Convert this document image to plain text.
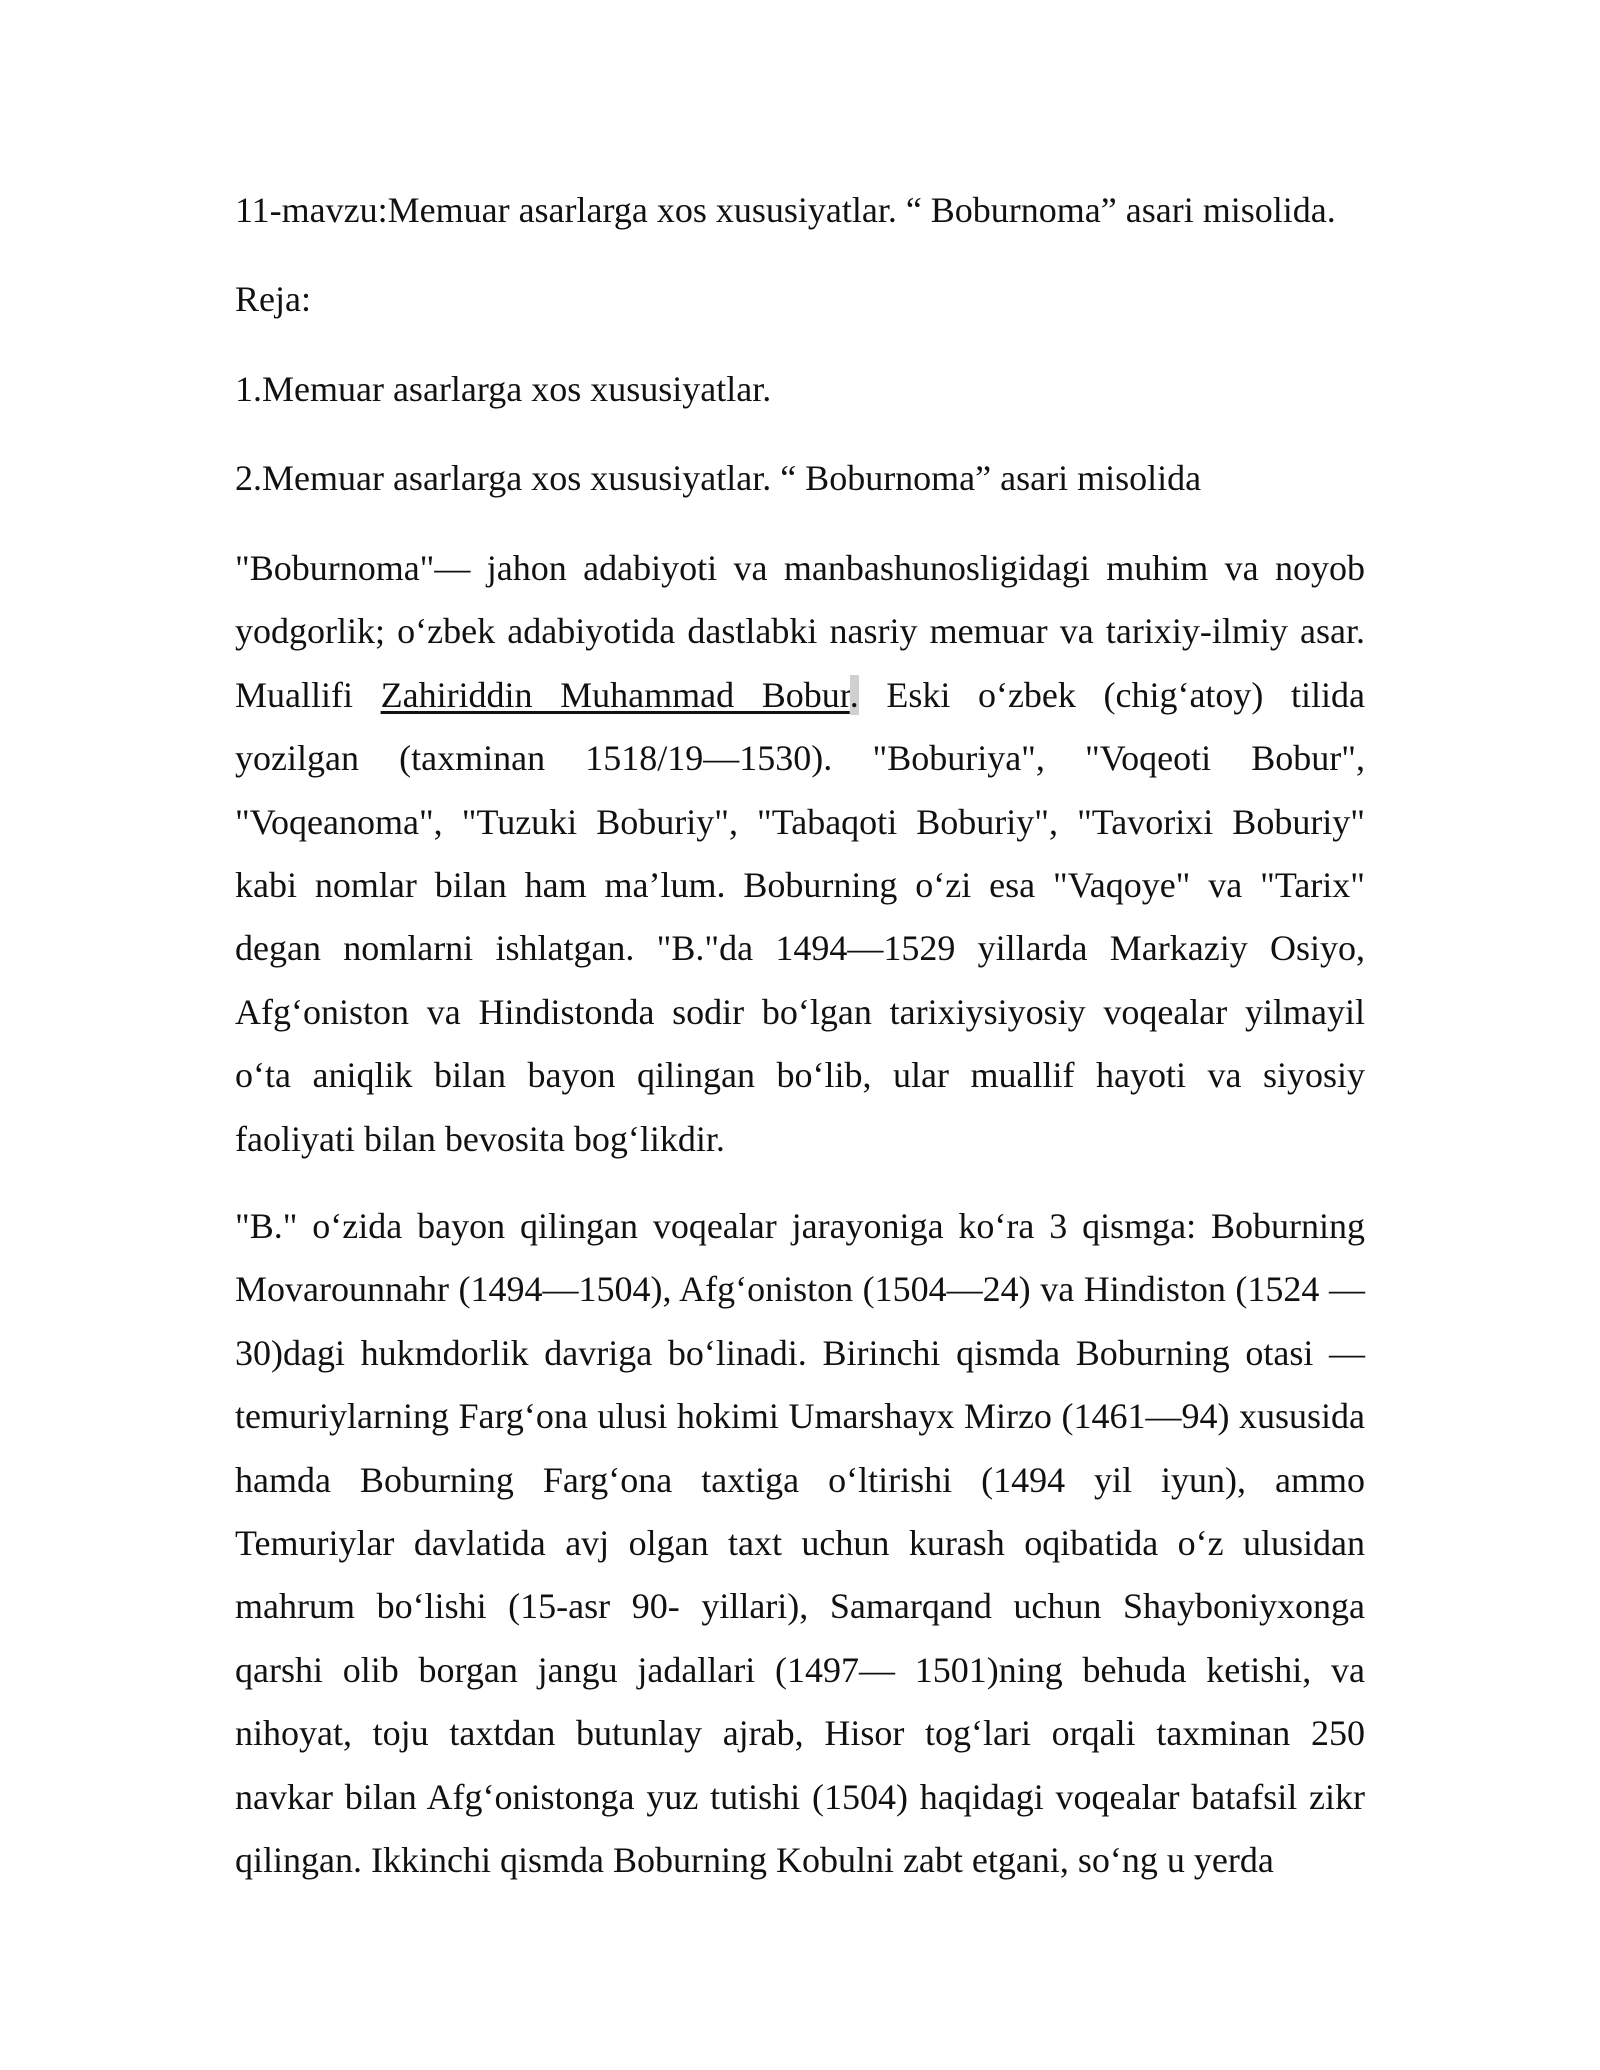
11-mavzu:Memuar asarlarga xos xususiyatlar. “ Boburnoma” asari misolida.
Reja:
1.Memuar asarlarga xos xususiyatlar.
2.Memuar asarlarga xos xususiyatlar. “ Boburnoma” asari misolida

"Boburnoma"— jahon adabiyoti va manbashunosligidagi muhim va noyob yodgorlik; o‘zbek adabiyotida dastlabki nasriy memuar va tarixiy-ilmiy asar. Muallifi Zahiriddin Muhammad Bobur. Eski o‘zbek (chig‘atoy) tilida yozilgan (taxminan 1518/19—1530). "Boburiya", "Voqeoti Bobur", "Voqeanoma", "Tuzuki Boburiy", "Tabaqoti Boburiy", "Tavorixi Boburiy" kabi nomlar bilan ham ma’lum. Boburning o‘zi esa "Vaqoye" va "Tarix" degan nomlarni ishlatgan. "B."da 1494—1529 yillarda Markaziy Osiyo, Afg‘oniston va Hindistonda sodir bo‘lgan tarixiysiyosiy voqealar yilmayil o‘ta aniqlik bilan bayon qilingan bo‘lib, ular muallif hayoti va siyosiy faoliyati bilan bevosita bog‘likdir.

"B." o‘zida bayon qilingan voqealar jarayoniga ko‘ra 3 qismga: Boburning Movarounnahr (1494—1504), Afg‘oniston (1504—24) va Hindiston (1524 — 30)dagi hukmdorlik davriga bo‘linadi. Birinchi qismda Boburning otasi — temuriylarning Farg‘ona ulusi hokimi Umarshayx Mirzo (1461—94) xususida hamda Boburning Farg‘ona taxtiga o‘ltirishi (1494 yil iyun), ammo Temuriylar davlatida avj olgan taxt uchun kurash oqibatida o‘z ulusidan mahrum bo‘lishi (15-asr 90- yillari), Samarqand uchun Shayboniyxonga qarshi olib borgan jangu jadallari (1497— 1501)ning behuda ketishi, va nihoyat, toju taxtdan butunlay ajrab, Hisor tog‘lari orqali taxminan 250 navkar bilan Afg‘onistonga yuz tutishi (1504) haqidagi voqealar batafsil zikr qilingan. Ikkinchi qismda Boburning Kobulni zabt etgani, so‘ng u yerda
